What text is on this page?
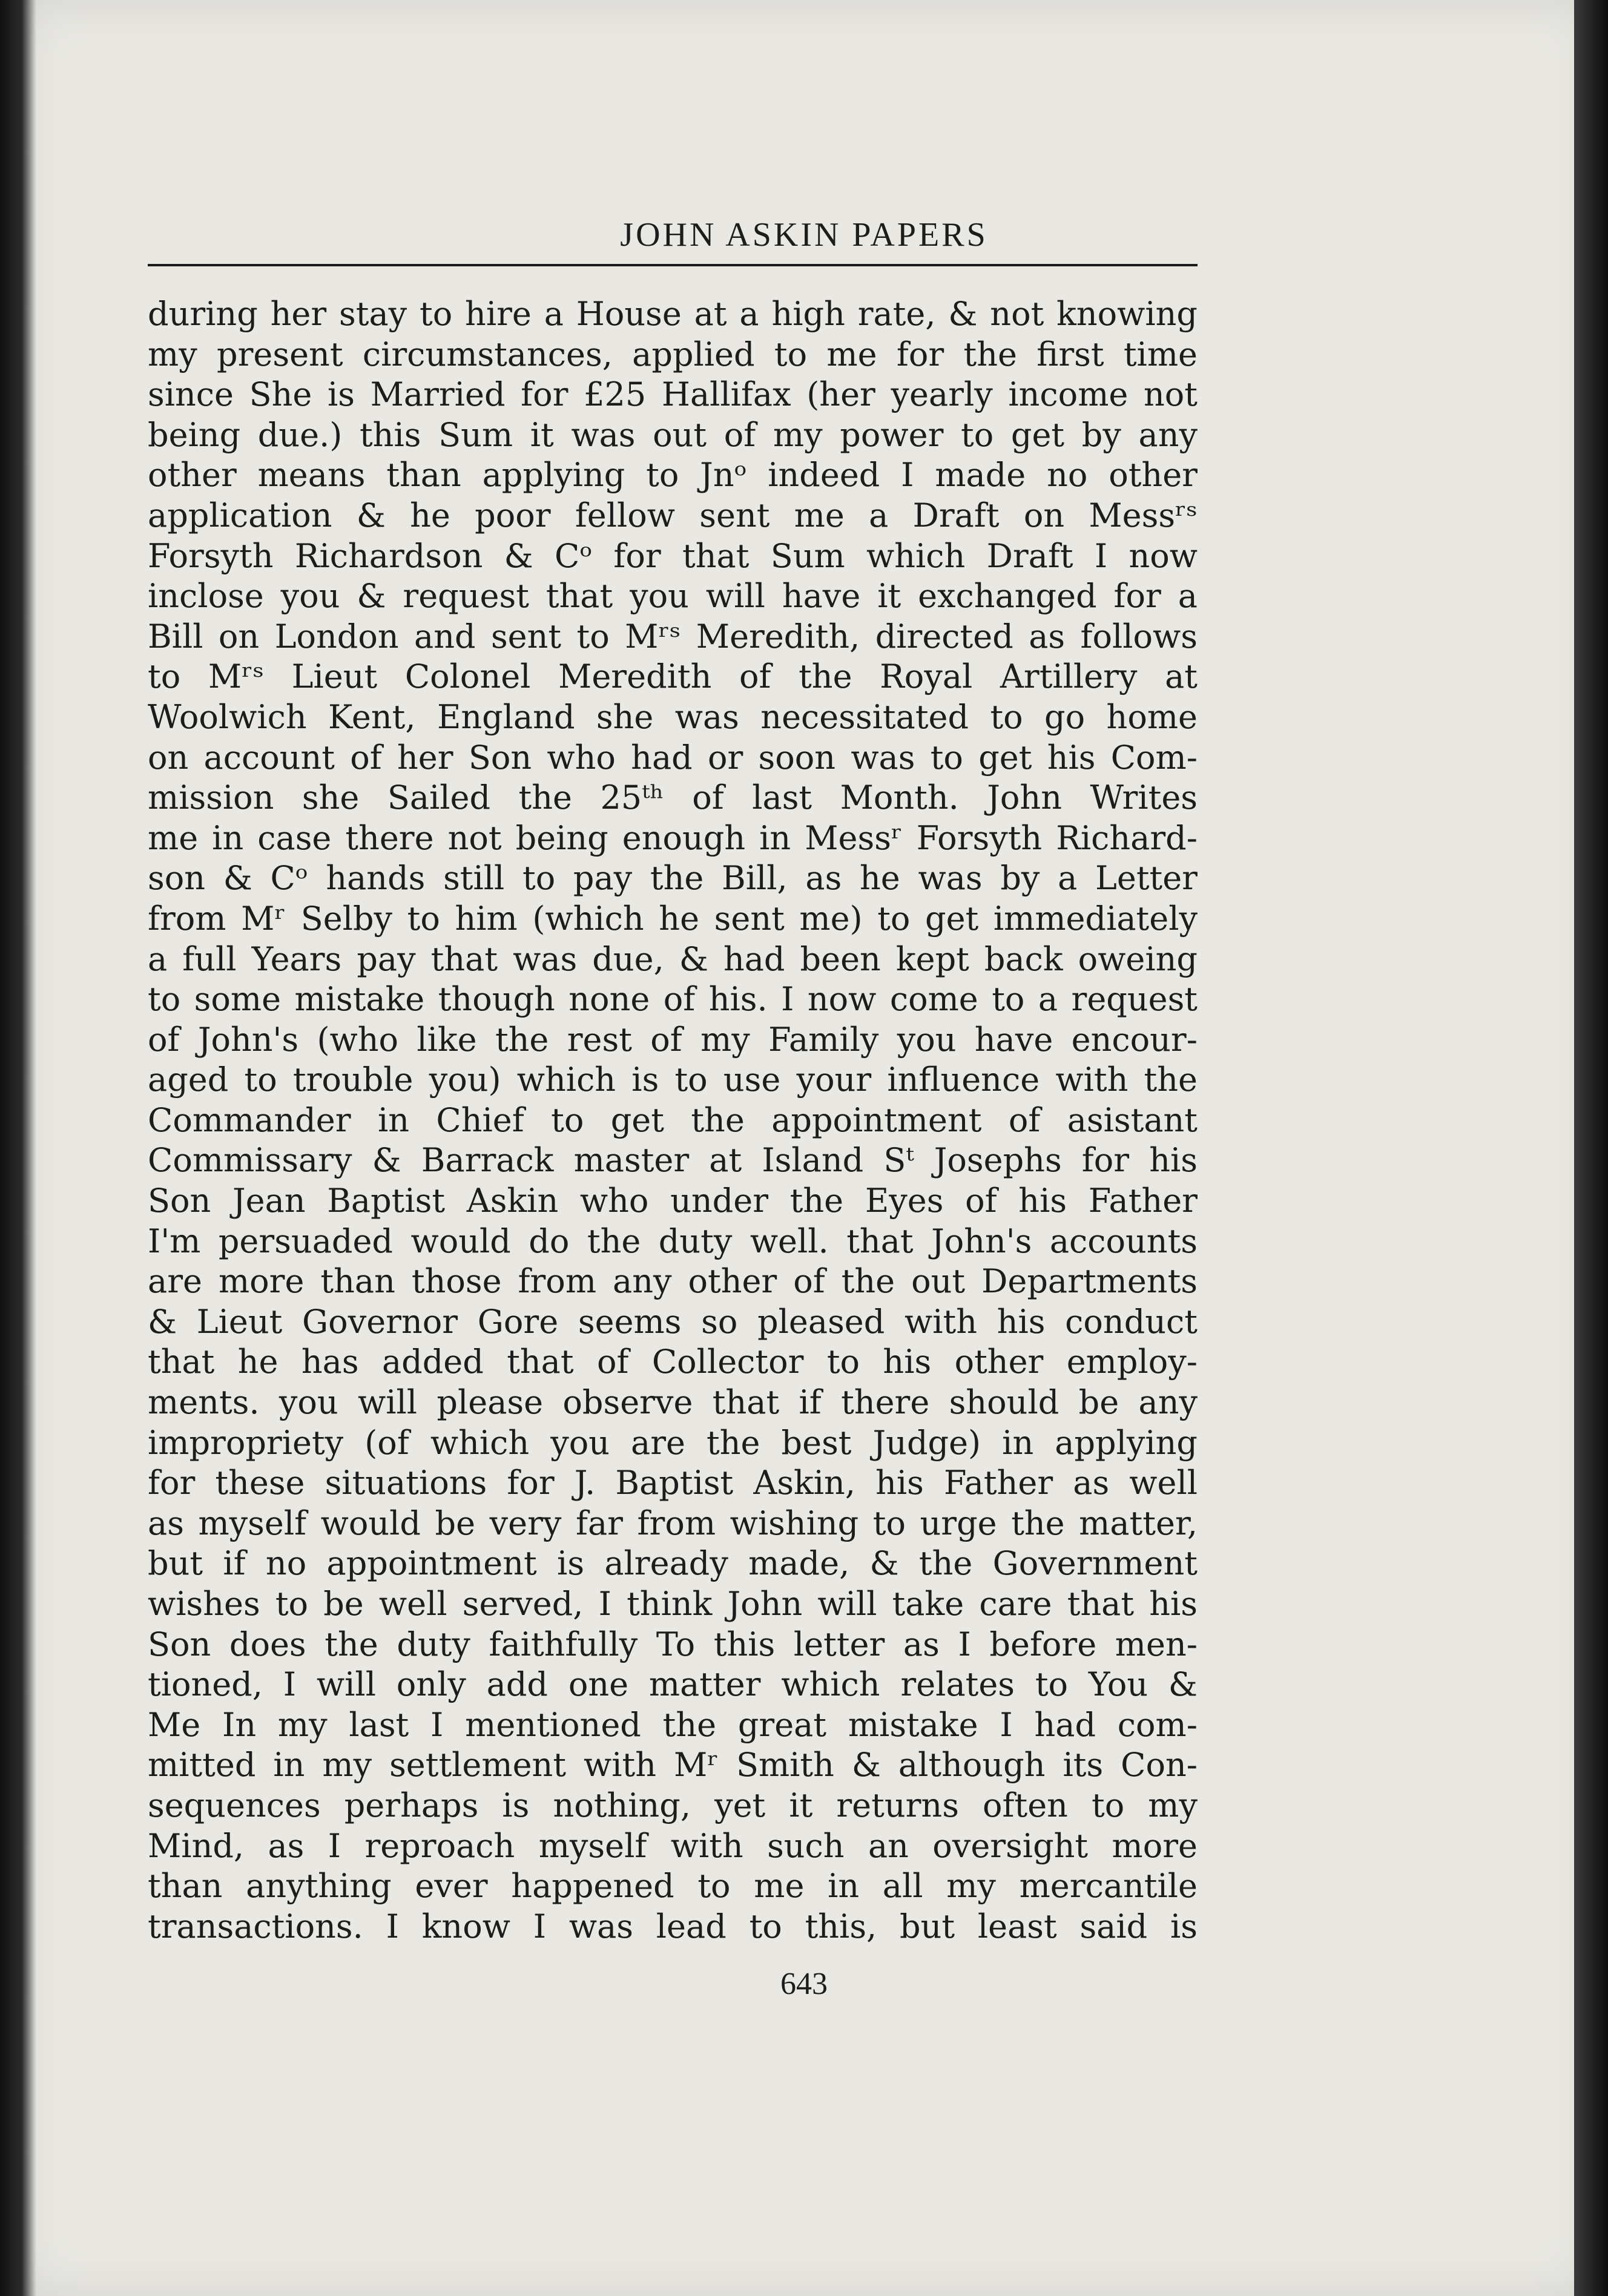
JOHN ASKIN PAPERS
during her stay to hire a House at a high rate, & not knowing
my present circumstances, applied to me for the first time
since She is Married for £25 Hallifax (her yearly income not
being due.) this Sum it was out of my power to get by any
other means than applying to Jnᵒ indeed I made no other
application & he poor fellow sent me a Draft on Messʳˢ
Forsyth Richardson & Cᵒ for that Sum which Draft I now
inclose you & request that you will have it exchanged for a
Bill on London and sent to Mʳˢ Meredith, directed as follows
to Mʳˢ Lieut Colonel Meredith of the Royal Artillery at
Woolwich Kent, England she was necessitated to go home
on account of her Son who had or soon was to get his Com-
mission she Sailed the 25ᵗʰ of last Month. John Writes
me in case there not being enough in Messʳ Forsyth Richard-
son & Cᵒ hands still to pay the Bill, as he was by a Letter
from Mʳ Selby to him (which he sent me) to get immediately
a full Years pay that was due, & had been kept back oweing
to some mistake though none of his. I now come to a request
of John's (who like the rest of my Family you have encour-
aged to trouble you) which is to use your influence with the
Commander in Chief to get the appointment of asistant
Commissary & Barrack master at Island Sᵗ Josephs for his
Son Jean Baptist Askin who under the Eyes of his Father
I'm persuaded would do the duty well. that John's accounts
are more than those from any other of the out Departments
& Lieut Governor Gore seems so pleased with his conduct
that he has added that of Collector to his other employ-
ments. you will please observe that if there should be any
impropriety (of which you are the best Judge) in applying
for these situations for J. Baptist Askin, his Father as well
as myself would be very far from wishing to urge the matter,
but if no appointment is already made, & the Government
wishes to be well served, I think John will take care that his
Son does the duty faithfully To this letter as I before men-
tioned, I will only add one matter which relates to You &
Me In my last I mentioned the great mistake I had com-
mitted in my settlement with Mʳ Smith & although its Con-
sequences perhaps is nothing, yet it returns often to my
Mind, as I reproach myself with such an oversight more
than anything ever happened to me in all my mercantile
transactions. I know I was lead to this, but least said is
643
